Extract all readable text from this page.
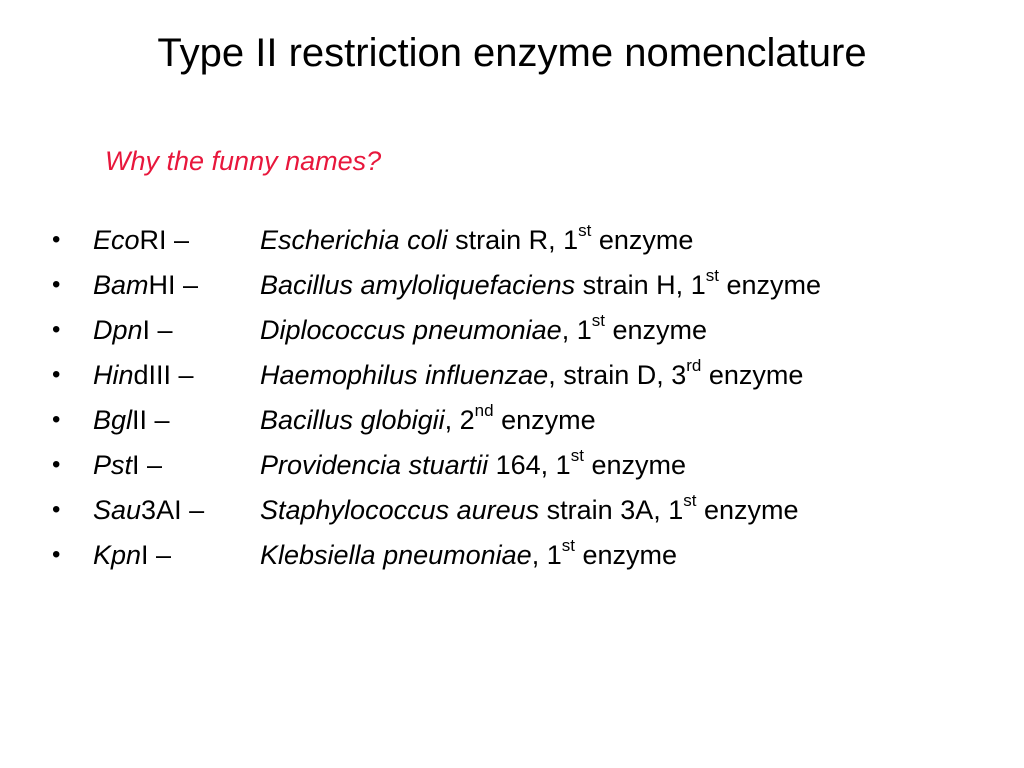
Type II restriction enzyme nomenclature
Why the funny names?
• EcoRI –	Escherichia coli strain R, 1st enzyme
• BamHI – Bacillus amyloliquefaciens strain H, 1st enzyme
• DpnI –	Diplococcus pneumoniae, 1st enzyme
• HindIII – Haemophilus influenzae, strain D, 3rd enzyme
• BglII –	Bacillus globigii, 2nd enzyme
• PstI –	Providencia stuartii 164, 1st enzyme
• Sau3AI – Staphylococcus aureus strain 3A, 1st enzyme
• KpnI –	Klebsiella pneumoniae, 1st enzyme
